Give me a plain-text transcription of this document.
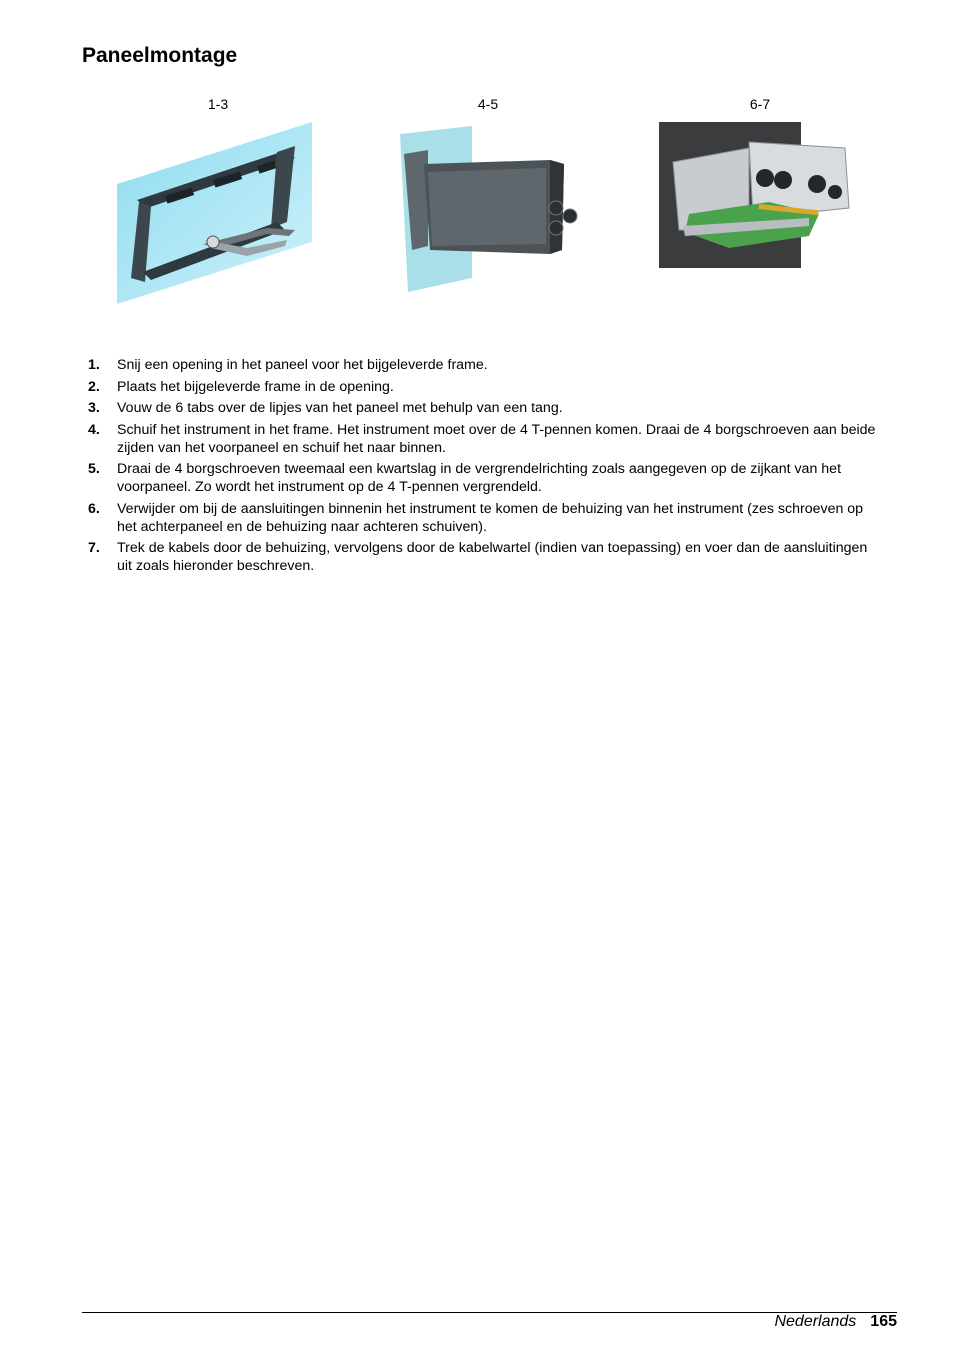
Paneelmontage
1-3	4-5	6-7
1. Snij een opening in het paneel voor het bijgeleverde frame.
2. Plaats het bijgeleverde frame in de opening.
3. Vouw de 6 tabs over de lipjes van het paneel met behulp van een tang.
4. Schuif het instrument in het frame. Het instrument moet over de 4 T-pennen komen. Draai de 4 borgschroeven aan beide zijden van het voorpaneel en schuif het naar binnen.
5. Draai de 4 borgschroeven tweemaal een kwartslag in de vergrendelrichting zoals aangegeven op de zijkant van het voorpaneel. Zo wordt het instrument op de 4 T-pennen vergrendeld.
6. Verwijder om bij de aansluitingen binnenin het instrument te komen de behuizing van het instrument (zes schroeven op het achterpaneel en de behuizing naar achteren schuiven).
7. Trek de kabels door de behuizing, vervolgens door de kabelwartel (indien van toepassing) en voer dan de aansluitingen uit zoals hieronder beschreven.
Nederlands 165
